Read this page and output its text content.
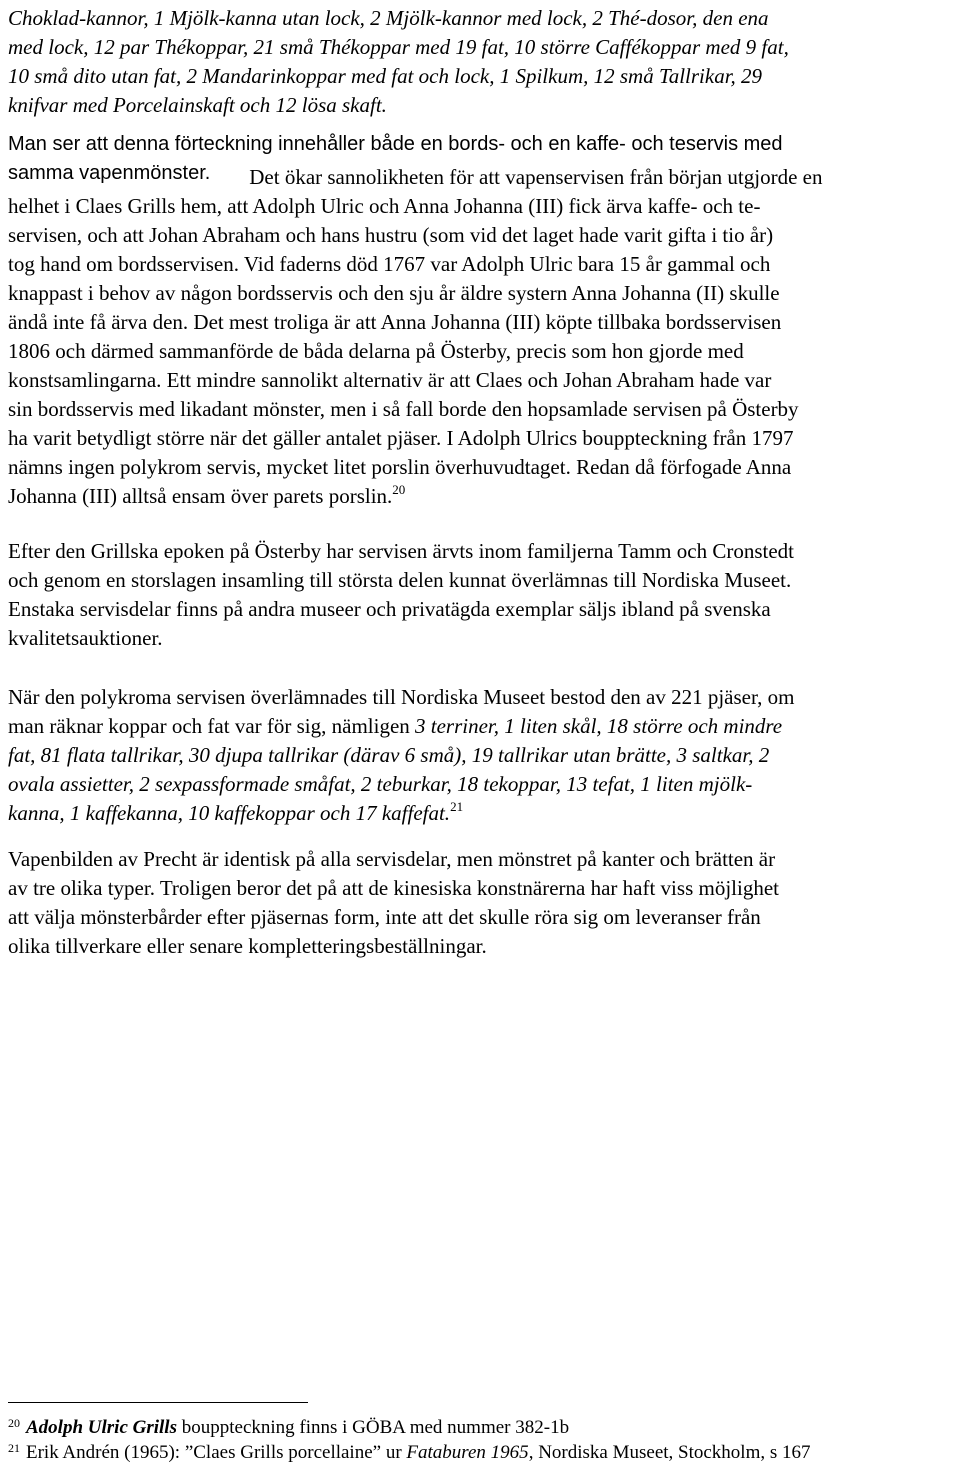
Choklad-kannor, 1 Mjölk-kanna utan lock, 2 Mjölk-kannor med lock, 2 Thé-dosor, den ena
med lock, 12 par Thékoppar, 21 små Thékoppar med 19 fat, 10 större Caffékoppar med 9 fat,
10 små dito utan fat, 2 Mandarinkoppar med fat och lock, 1 Spilkum, 12 små Tallrikar, 29
knifvar med Porcelainskaft och 12 lösa skaft.

Man ser att denna förteckning innehåller både en bords- och en kaffe- och teservis med
samma vapenmönster.	Det ökar sannolikheten för att vapenservisen från början utgjorde en
helhet i Claes Grills hem, att Adolph Ulric och Anna Johanna (III) fick ärva kaffe- och te-
servisen, och att Johan Abraham och hans hustru (som vid det laget hade varit gifta i tio år)
tog hand om bordsservisen. Vid faderns död 1767 var Adolph Ulric bara 15 år gammal och
knappast i behov av någon bordsservis och den sju år äldre systern Anna Johanna (II) skulle
ändå inte få ärva den. Det mest troliga är att Anna Johanna (III) köpte tillbaka bordsservisen
1806 och därmed sammanförde de båda delarna på Österby, precis som hon gjorde med
konstsamlingarna. Ett mindre sannolikt alternativ är att Claes och Johan Abraham hade var
sin bordsservis med likadant mönster, men i så fall borde den hopsamlade servisen på Österby
ha varit betydligt större när det gäller antalet pjäser. I Adolph Ulrics bouppteckning från 1797
nämns ingen polykrom servis, mycket litet porslin överhuvudtaget. Redan då förfogade Anna
Johanna (III) alltså ensam över parets porslin.$^{20}$

Efter den Grillska epoken på Österby har servisen ärvts inom familjerna Tamm och Cronstedt
och genom en storslagen insamling till största delen kunnat överlämnas till Nordiska Museet.
Enstaka servisdelar finns på andra museer och privatägda exemplar säljs ibland på svenska
kvalitetsauktioner.

När den polykroma servisen överlämnades till Nordiska Museet bestod den av 221 pjäser, om
man räknar koppar och fat var för sig, nämligen 3 terriner, 1 liten skål, 18 större och mindre
fat, 81 flata tallrikar, 30 djupa tallrikar (därav 6 små), 19 tallrikar utan brätte, 3 saltkar, 2
ovala assietter, 2 sexpassformade småfat, 2 teburkar, 18 tekoppar, 13 tefat, 1 liten mjölk-
kanna, 1 kaffekanna, 10 kaffekoppar och 17 kaffefat.$^{21}$

Vapenbilden av Precht är identisk på alla servisdelar, men mönstret på kanter och brätten är
av tre olika typer. Troligen beror det på att de kinesiska konstnärerna har haft viss möjlighet
att välja mönsterbårder efter pjäsernas form, inte att det skulle röra sig om leveranser från
olika tillverkare eller senare kompletteringsbeställningar.

$^{20}$ Adolph Ulric Grills bouppteckning finns i GÖBA med nummer 382-1b

$^{21}$ Erik Andrén (1965): ”Claes Grills porcellaine” ur Fataburen 1965, Nordiska Museet, Stockholm, s 167
